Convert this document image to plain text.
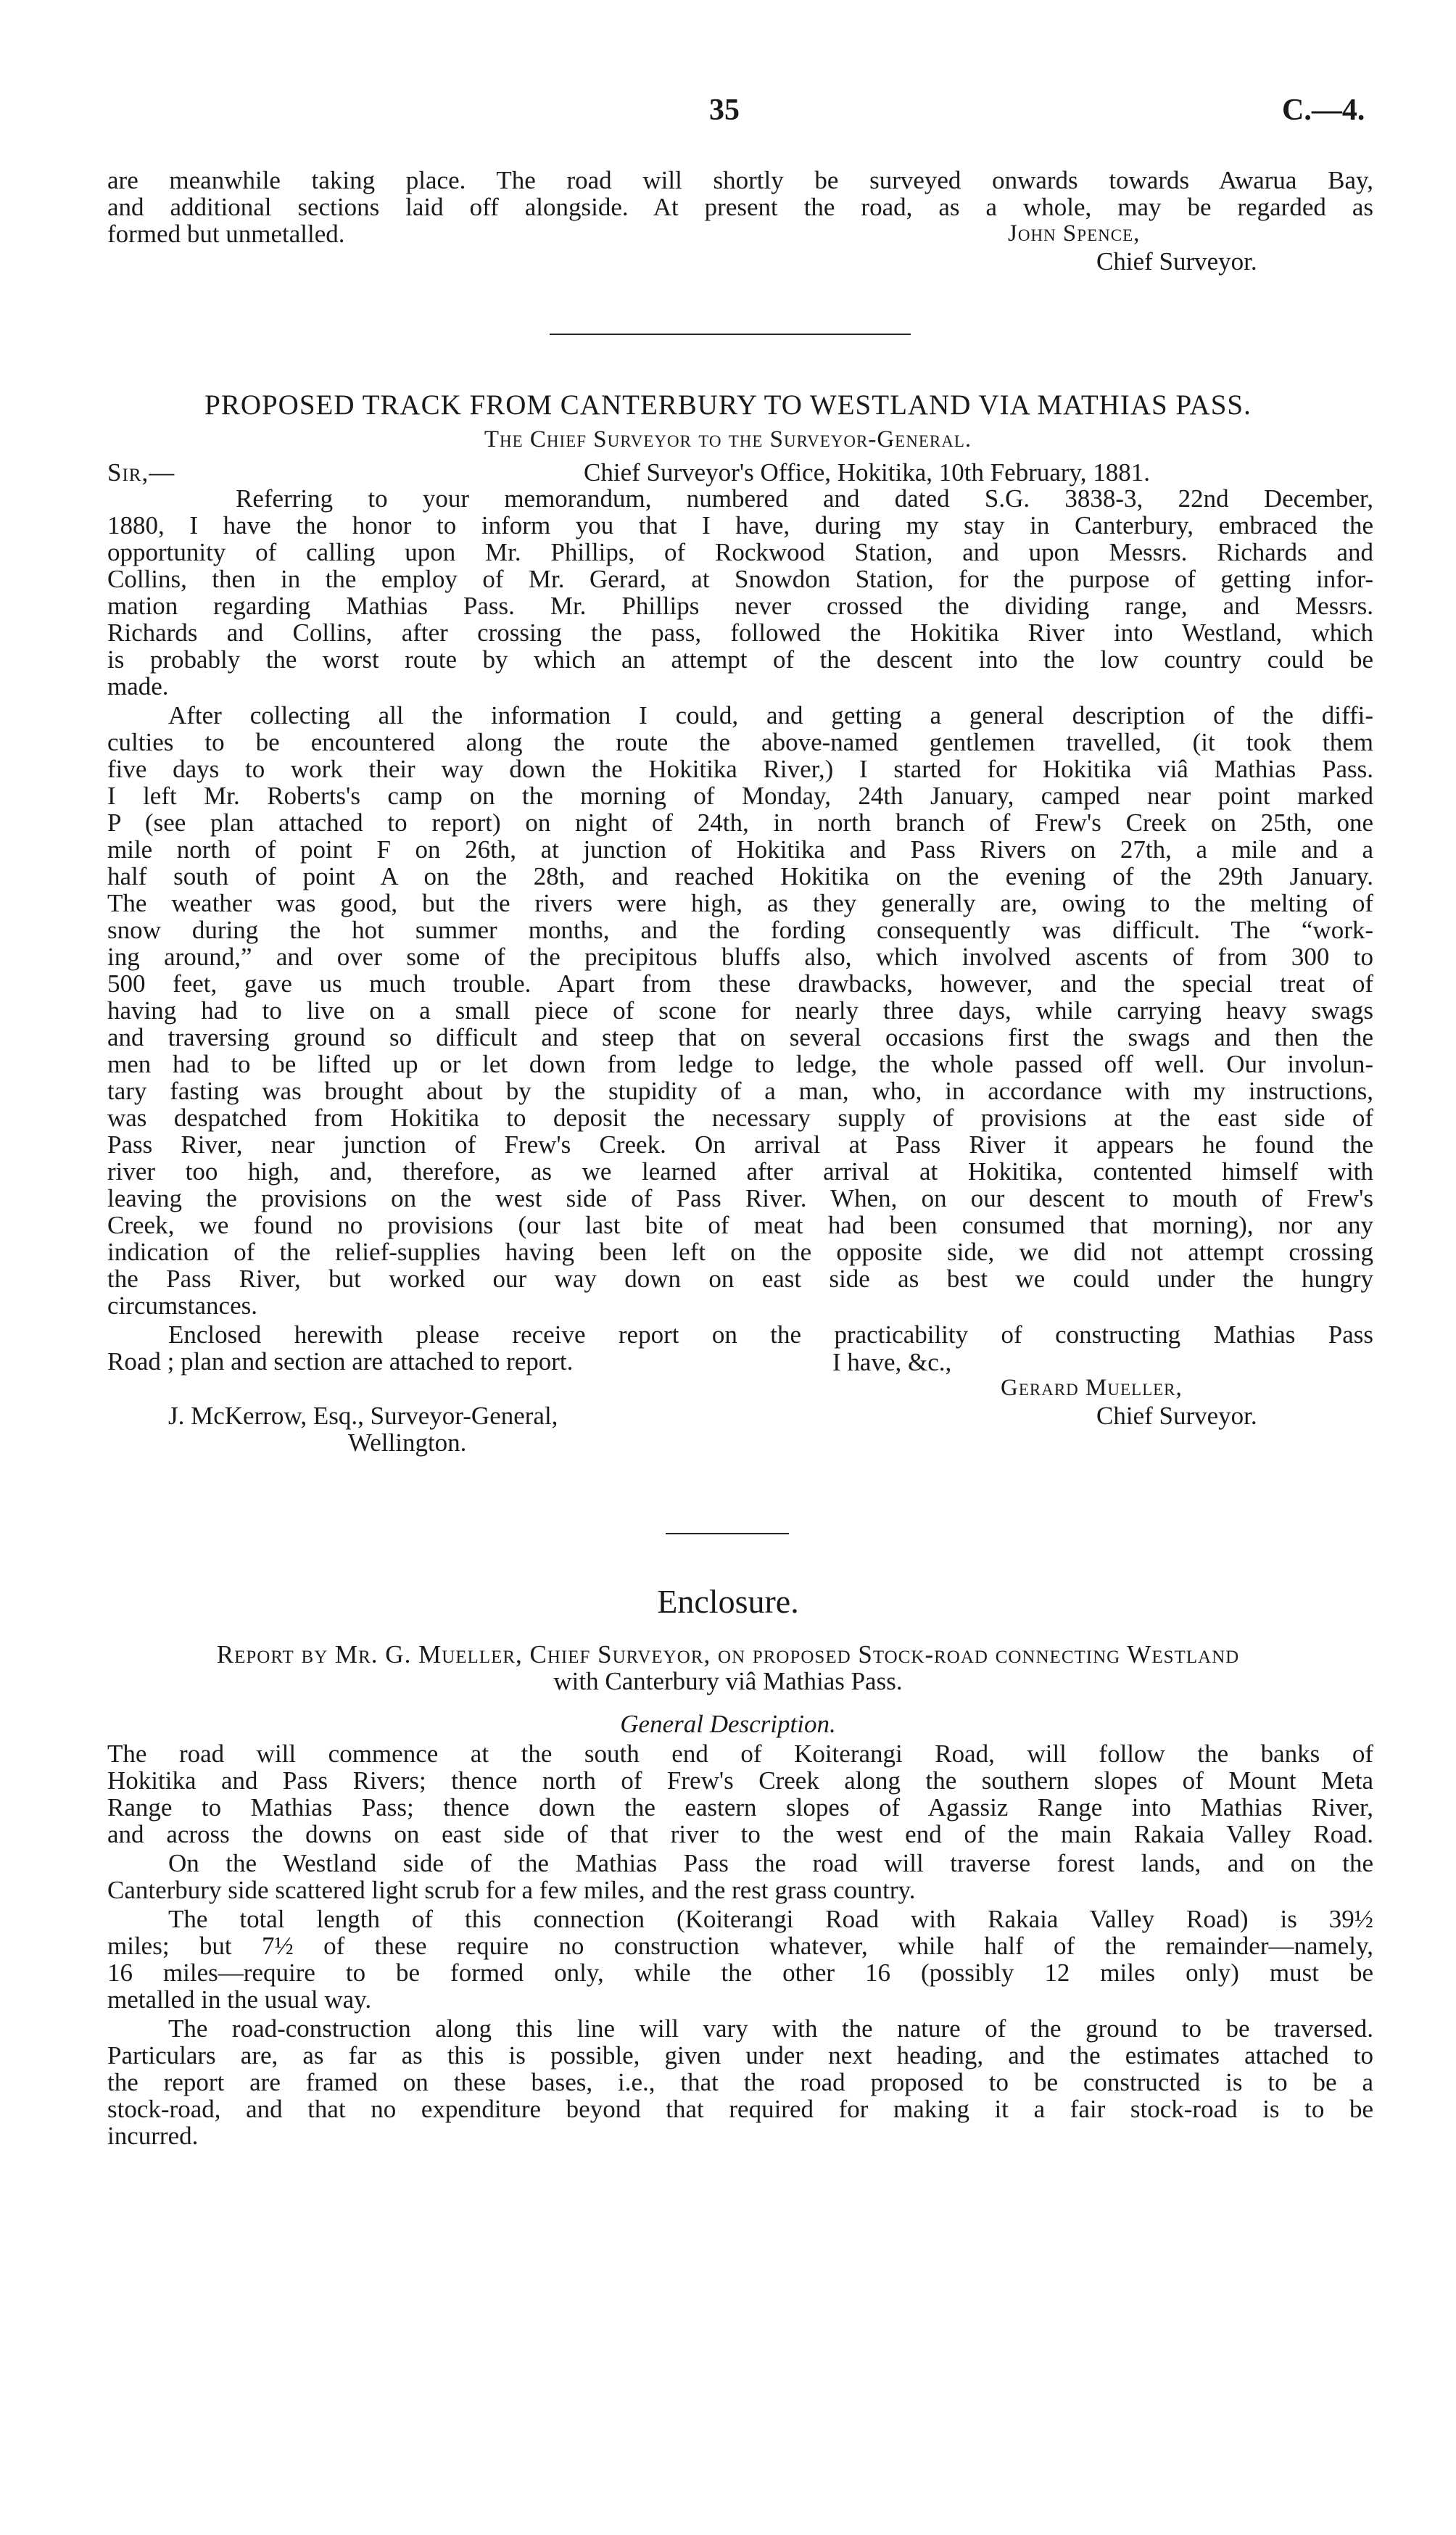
35	C.—4.
are meanwhile taking place. The road will shortly be surveyed onwards towards Awarua Bay,
and additional sections laid off alongside. At present the road, as a whole, may be regarded as
formed but unmetalled.	John Spence,
Chief Surveyor.
PROPOSED TRACK FROM CANTERBURY TO WESTLAND VIA MATHIAS PASS.
The Chief Surveyor to the Surveyor-General.
Sir,—	Chief Surveyor's Office, Hokitika, 10th February, 1881.
Referring to your memorandum, numbered and dated S.G. 3838-3, 22nd December,
1880, I have the honor to inform you that I have, during my stay in Canterbury, embraced the
opportunity of calling upon Mr. Phillips, of Rockwood Station, and upon Messrs. Richards and
Collins, then in the employ of Mr. Gerard, at Snowdon Station, for the purpose of getting infor-
mation regarding Mathias Pass. Mr. Phillips never crossed the dividing range, and Messrs.
Richards and Collins, after crossing the pass, followed the Hokitika River into Westland, which
is probably the worst route by which an attempt of the descent into the low country could be
made.
After collecting all the information I could, and getting a general description of the diffi-
culties to be encountered along the route the above-named gentlemen travelled, (it took them
five days to work their way down the Hokitika River,) I started for Hokitika viâ Mathias Pass.
I left Mr. Roberts's camp on the morning of Monday, 24th January, camped near point marked
P (see plan attached to report) on night of 24th, in north branch of Frew's Creek on 25th, one
mile north of point F on 26th, at junction of Hokitika and Pass Rivers on 27th, a mile and a
half south of point A on the 28th, and reached Hokitika on the evening of the 29th January.
The weather was good, but the rivers were high, as they generally are, owing to the melting of
snow during the hot summer months, and the fording consequently was difficult. The “work-
ing around,” and over some of the precipitous bluffs also, which involved ascents of from 300 to
500 feet, gave us much trouble. Apart from these drawbacks, however, and the special treat of
having had to live on a small piece of scone for nearly three days, while carrying heavy swags
and traversing ground so difficult and steep that on several occasions first the swags and then the
men had to be lifted up or let down from ledge to ledge, the whole passed off well. Our involun-
tary fasting was brought about by the stupidity of a man, who, in accordance with my instructions,
was despatched from Hokitika to deposit the necessary supply of provisions at the east side of
Pass River, near junction of Frew's Creek. On arrival at Pass River it appears he found the
river too high, and, therefore, as we learned after arrival at Hokitika, contented himself with
leaving the provisions on the west side of Pass River. When, on our descent to mouth of Frew's
Creek, we found no provisions (our last bite of meat had been consumed that morning), nor any
indication of the relief-supplies having been left on the opposite side, we did not attempt crossing
the Pass River, but worked our way down on east side as best we could under the hungry
circumstances.
Enclosed herewith please receive report on the practicability of constructing Mathias Pass
Road ; plan and section are attached to report.	I have, &c.,
Gerard Mueller,
J. McKerrow, Esq., Surveyor-General,	Chief Surveyor.
Wellington.
Enclosure.
Report by Mr. G. Mueller, Chief Surveyor, on proposed Stock-road connecting Westland
with Canterbury viâ Mathias Pass.
General Description.
The road will commence at the south end of Koiterangi Road, will follow the banks of
Hokitika and Pass Rivers; thence north of Frew's Creek along the southern slopes of Mount Meta
Range to Mathias Pass; thence down the eastern slopes of Agassiz Range into Mathias River,
and across the downs on east side of that river to the west end of the main Rakaia Valley Road.
On the Westland side of the Mathias Pass the road will traverse forest lands, and on the
Canterbury side scattered light scrub for a few miles, and the rest grass country.
The total length of this connection (Koiterangi Road with Rakaia Valley Road) is 39½
miles; but 7½ of these require no construction whatever, while half of the remainder—namely,
16 miles—require to be formed only, while the other 16 (possibly 12 miles only) must be
metalled in the usual way.
The road-construction along this line will vary with the nature of the ground to be traversed.
Particulars are, as far as this is possible, given under next heading, and the estimates attached to
the report are framed on these bases, i.e., that the road proposed to be constructed is to be a
stock-road, and that no expenditure beyond that required for making it a fair stock-road is to be
incurred.
